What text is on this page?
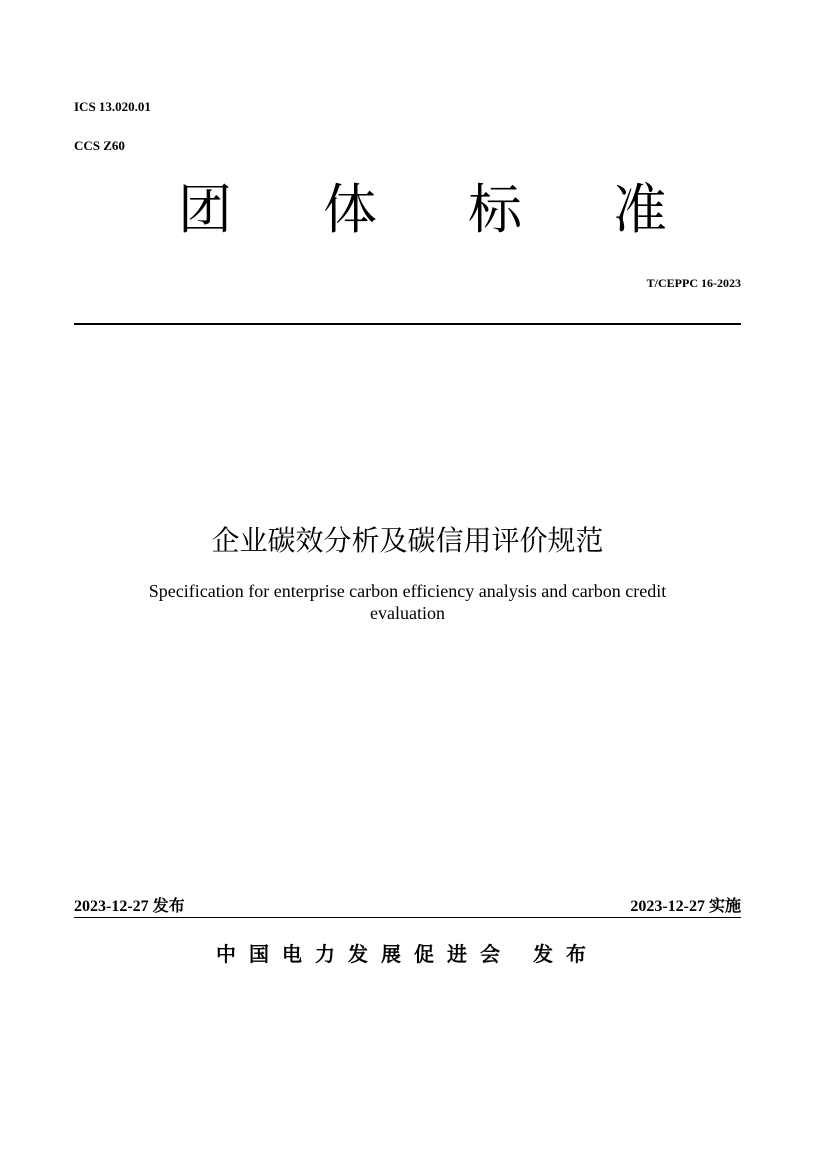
ICS 13.020.01
CCS Z60
团 体 标 准
T/CEPPC 16-2023
企业碳效分析及碳信用评价规范
Specification for enterprise carbon efficiency analysis and carbon credit
evaluation
2023-12-27 发布	2023-12-27 实施
中国电力发展促进会 发布
